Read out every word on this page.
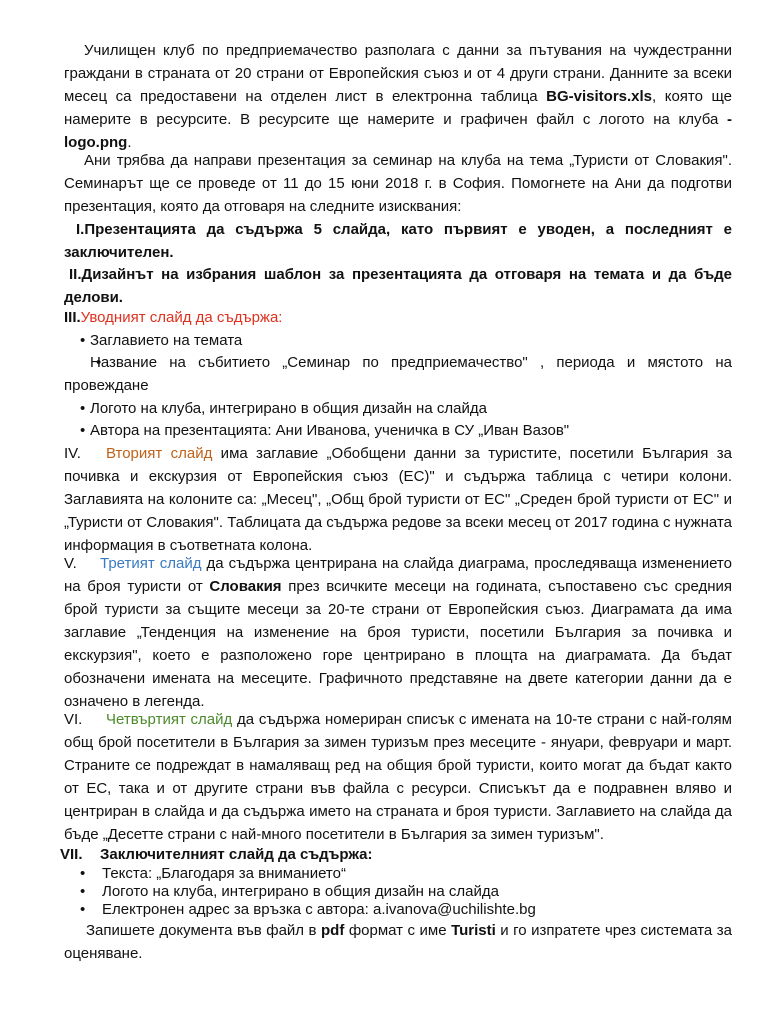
Училищен клуб по предприемачество разполага с данни за пътувания на чуждестранни граждани в страната от 20 страни от Европейския съюз и от 4 други страни. Данните за всеки месец са предоставени на отделен лист в електронна таблица BG-visitors.xls, която ще намерите в ресурсите. В ресурсите ще намерите и графичен файл с логото на клуба - logo.png.

Ани трябва да направи презентация за семинар на клуба на тема „Туристи от Словакия". Семинарът ще се проведе от 11 до 15 юни 2018 г. в София. Помогнете на Ани да подготви презентация, която да отговаря на следните изисквания:

I.Презентацията да съдържа 5 слайда, като първият е уводен, а последният е заключителен.

II.Дизайнът на избрания шаблон за презентацията да отговаря на темата и да бъде делови.

III.Уводният слайд да съдържа:

• Заглавието на темата

• Название на събитието „Семинар по предприемачество" , периода и мястото на провеждане

• Логото на клуба, интегрирано в общия дизайн на слайда

• Автора на презентацията: Ани Иванова, ученичка в СУ „Иван Вазов"

IV. Вторият слайд има заглавие „Обобщени данни за туристите, посетили България за почивка и екскурзия от Европейския съюз (ЕС)" и съдържа таблица с четири колони. Заглавията на колоните са: „Месец", „Общ брой туристи от ЕС" „Среден брой туристи от ЕС" и „Туристи от Словакия". Таблицата да съдържа редове за всеки месец от 2017 година с нужната информация в съответната колона.

V. Третият слайд да съдържа центрирана на слайда диаграма, проследяваща изменението на броя туристи от Словакия през всичките месеци на годината, съпоставено със средния брой туристи за същите месеци за 20-те страни от Европейския съюз. Диаграмата да има заглавие „Тенденция на изменение на броя туристи, посетили България за почивка и екскурзия", което е разположено горе центрирано в площта на диаграмата. Да бъдат обозначени имената на месеците. Графичното представяне на двете категории данни да е означено в легенда.

VI. Четвъртият слайд да съдържа номериран списък с имената на 10-те страни с най-голям общ брой посетители в България за зимен туризъм през месеците - януари, февруари и март. Страните се подреждат в намаляващ ред на общия брой туристи, които могат да бъдат както от ЕС, така и от другите страни във файла с ресурси. Списъкът да е подравнен вляво и центриран в слайда и да съдържа името на страната и броя туристи. Заглавието на слайда да бъде „Десетте страни с най-много посетители в България за зимен туризъм".

VII. Заключителният слайд да съдържа:

• Текста: „Благодаря за вниманието“

• Логото на клуба, интегрирано в общия дизайн на слайда

• Електронен адрес за връзка с автора: a.ivanova@uchilishte.bg

Запишете документа във файл в pdf формат с име Turisti и го изпратете чрез системата за оценяване.
